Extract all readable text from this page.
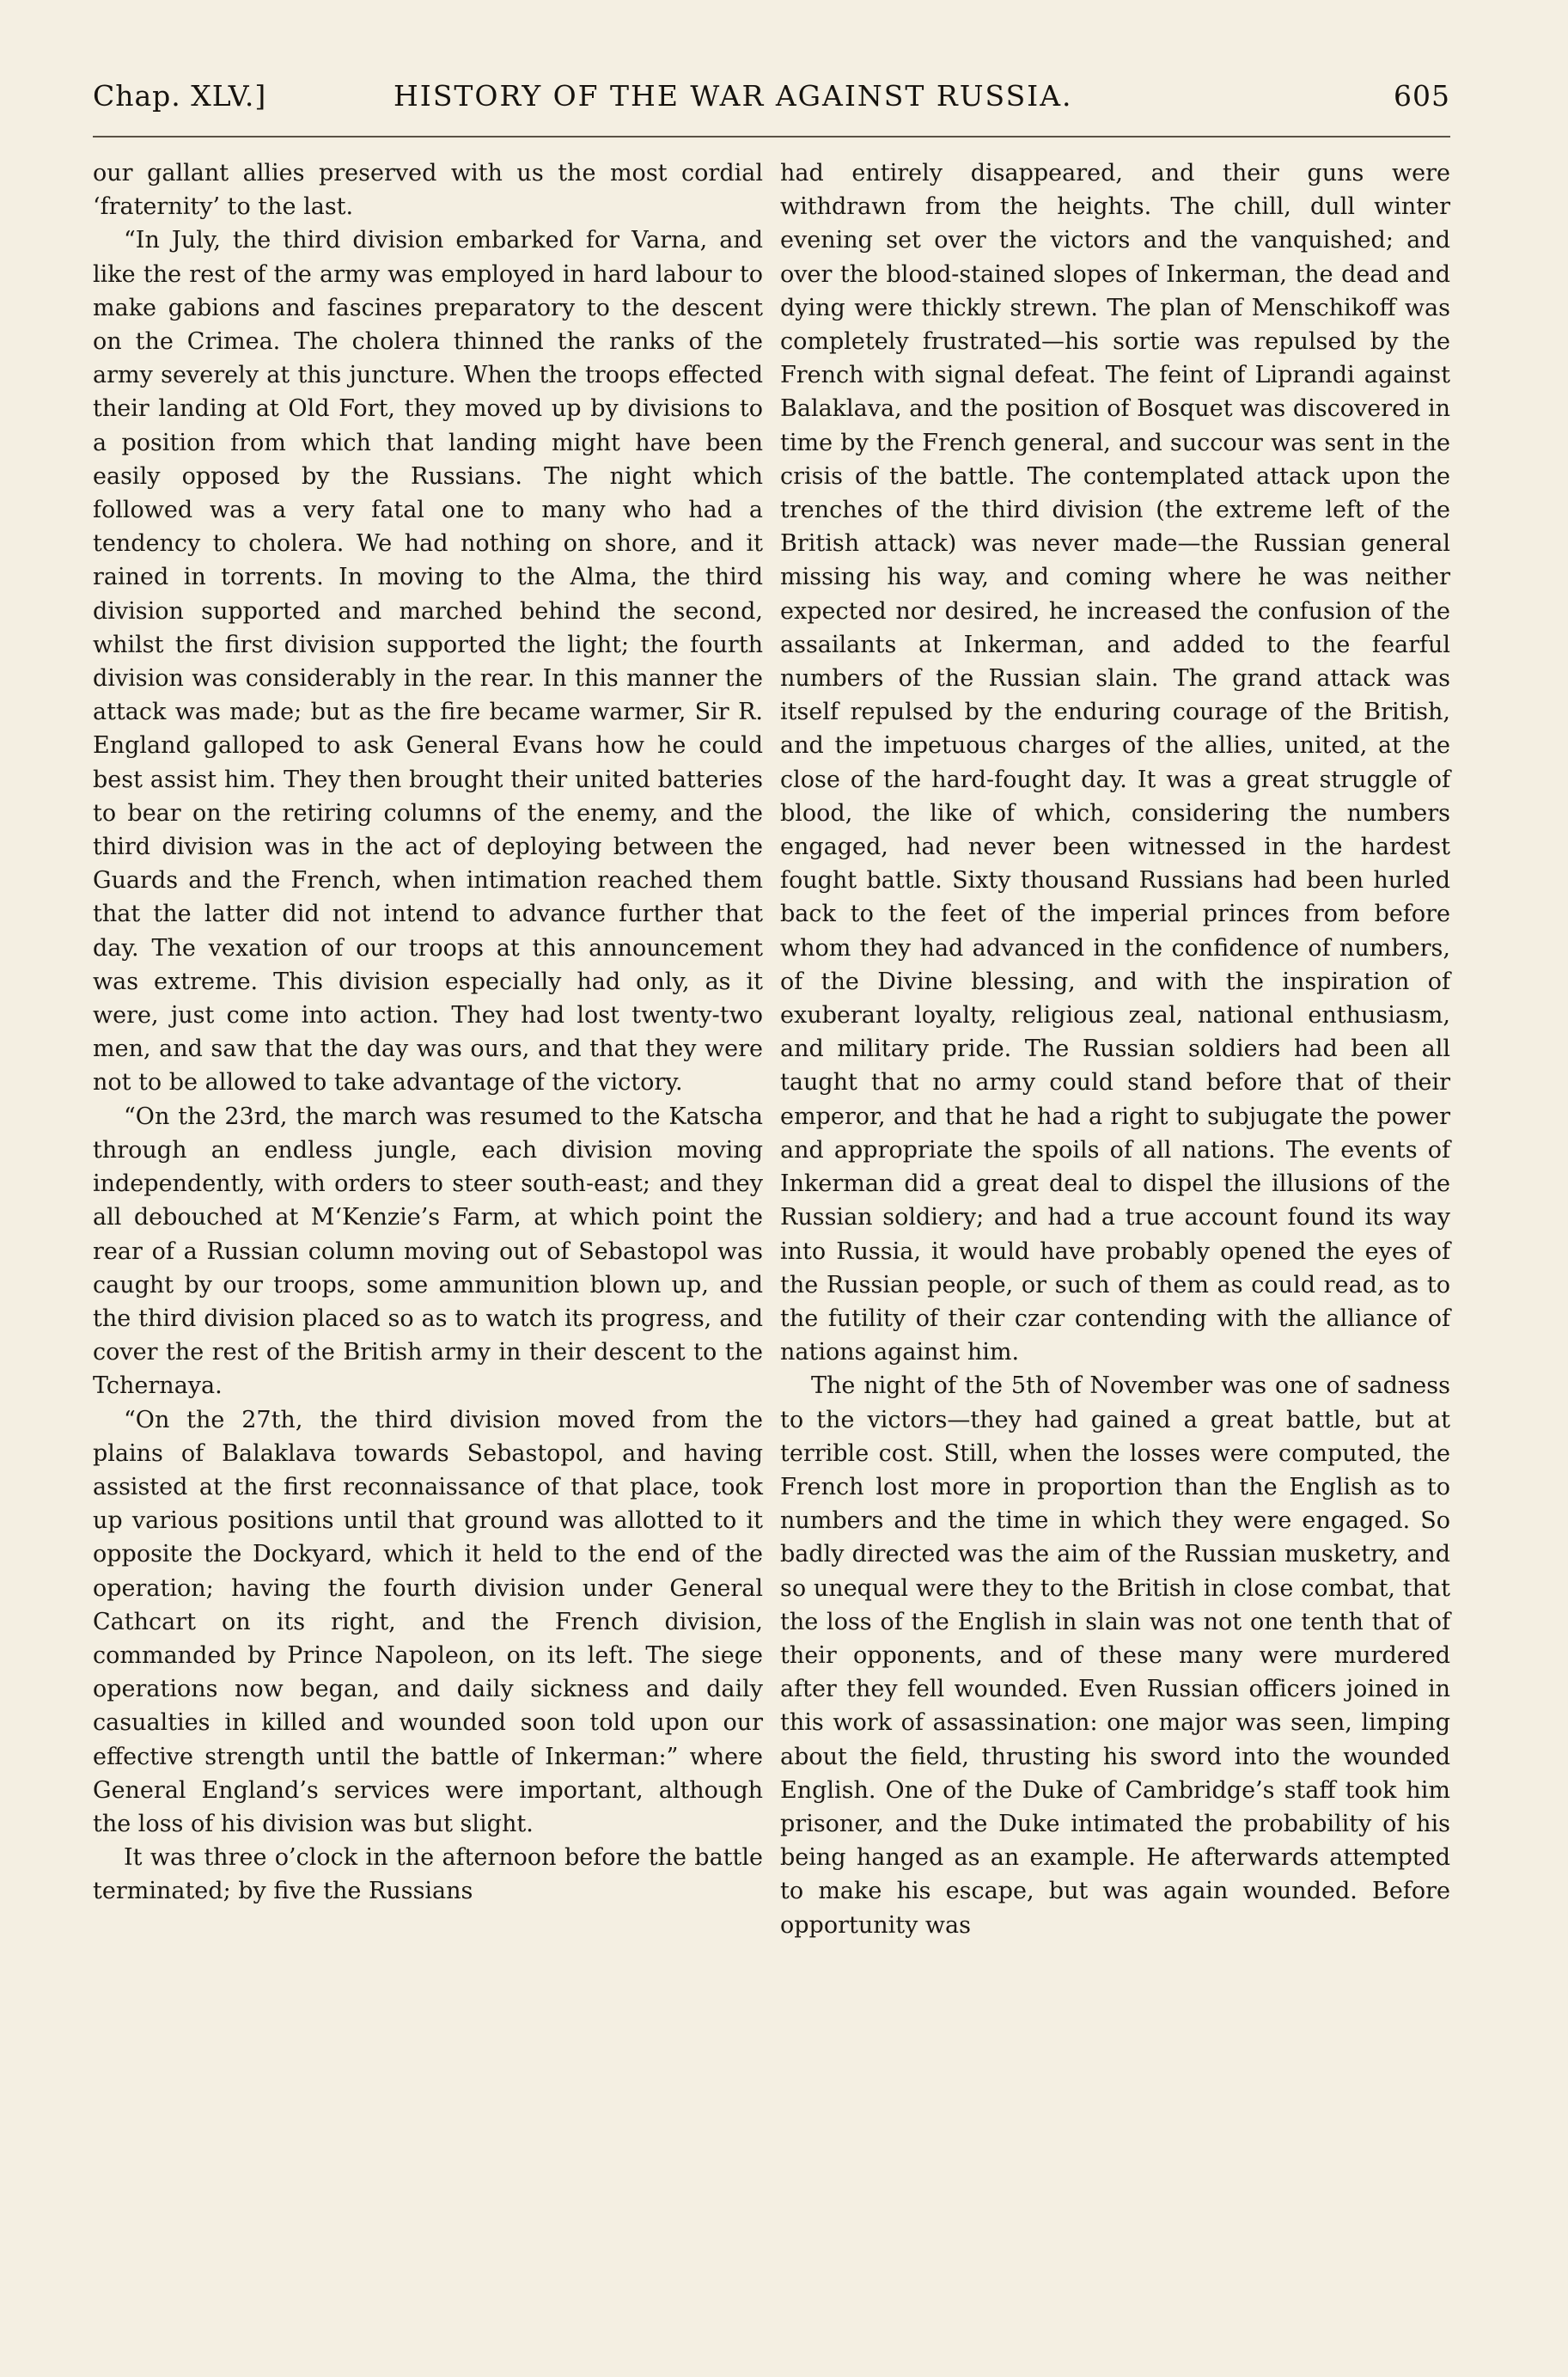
Chap. XLV.]	HISTORY OF THE WAR AGAINST RUSSIA.	605

our gallant allies preserved with us the most cordial ‘fraternity’ to the last.

“In July, the third division embarked for Varna, and like the rest of the army was employed in hard labour to make gabions and fascines preparatory to the descent on the Crimea. The cholera thinned the ranks of the army severely at this juncture. When the troops effected their landing at Old Fort, they moved up by divisions to a position from which that landing might have been easily opposed by the Russians. The night which followed was a very fatal one to many who had a tendency to cholera. We had nothing on shore, and it rained in torrents. In moving to the Alma, the third division supported and marched behind the second, whilst the first division supported the light; the fourth division was considerably in the rear. In this manner the attack was made; but as the fire became warmer, Sir R. England galloped to ask General Evans how he could best assist him. They then brought their united batteries to bear on the retiring columns of the enemy, and the third division was in the act of deploying between the Guards and the French, when intimation reached them that the latter did not intend to advance further that day. The vexation of our troops at this announcement was extreme. This division especially had only, as it were, just come into action. They had lost twenty-two men, and saw that the day was ours, and that they were not to be allowed to take advantage of the victory.

“On the 23rd, the march was resumed to the Katscha through an endless jungle, each division moving independently, with orders to steer south-east; and they all debouched at M‘Kenzie’s Farm, at which point the rear of a Russian column moving out of Sebastopol was caught by our troops, some ammunition blown up, and the third division placed so as to watch its progress, and cover the rest of the British army in their descent to the Tchernaya.

“On the 27th, the third division moved from the plains of Balaklava towards Sebastopol, and having assisted at the first reconnaissance of that place, took up various positions until that ground was allotted to it opposite the Dockyard, which it held to the end of the operation; having the fourth division under General Cathcart on its right, and the French division, commanded by Prince Napoleon, on its left. The siege operations now began, and daily sickness and daily casualties in killed and wounded soon told upon our effective strength until the battle of Inkerman:” where General England’s services were important, although the loss of his division was but slight.

It was three o’clock in the afternoon before the battle terminated; by five the Russians

had entirely disappeared, and their guns were withdrawn from the heights. The chill, dull winter evening set over the victors and the vanquished; and over the blood-stained slopes of Inkerman, the dead and dying were thickly strewn. The plan of Menschikoff was completely frustrated—his sortie was repulsed by the French with signal defeat. The feint of Liprandi against Balaklava, and the position of Bosquet was discovered in time by the French general, and succour was sent in the crisis of the battle. The contemplated attack upon the trenches of the third division (the extreme left of the British attack) was never made—the Russian general missing his way, and coming where he was neither expected nor desired, he increased the confusion of the assailants at Inkerman, and added to the fearful numbers of the Russian slain. The grand attack was itself repulsed by the enduring courage of the British, and the impetuous charges of the allies, united, at the close of the hard-fought day. It was a great struggle of blood, the like of which, considering the numbers engaged, had never been witnessed in the hardest fought battle. Sixty thousand Russians had been hurled back to the feet of the imperial princes from before whom they had advanced in the confidence of numbers, of the Divine blessing, and with the inspiration of exuberant loyalty, religious zeal, national enthusiasm, and military pride. The Russian soldiers had been all taught that no army could stand before that of their emperor, and that he had a right to subjugate the power and appropriate the spoils of all nations. The events of Inkerman did a great deal to dispel the illusions of the Russian soldiery; and had a true account found its way into Russia, it would have probably opened the eyes of the Russian people, or such of them as could read, as to the futility of their czar contending with the alliance of nations against him.

The night of the 5th of November was one of sadness to the victors—they had gained a great battle, but at terrible cost. Still, when the losses were computed, the French lost more in proportion than the English as to numbers and the time in which they were engaged. So badly directed was the aim of the Russian musketry, and so unequal were they to the British in close combat, that the loss of the English in slain was not one tenth that of their opponents, and of these many were murdered after they fell wounded. Even Russian officers joined in this work of assassination: one major was seen, limping about the field, thrusting his sword into the wounded English. One of the Duke of Cambridge’s staff took him prisoner, and the Duke intimated the probability of his being hanged as an example. He afterwards attempted to make his escape, but was again wounded. Before opportunity was
